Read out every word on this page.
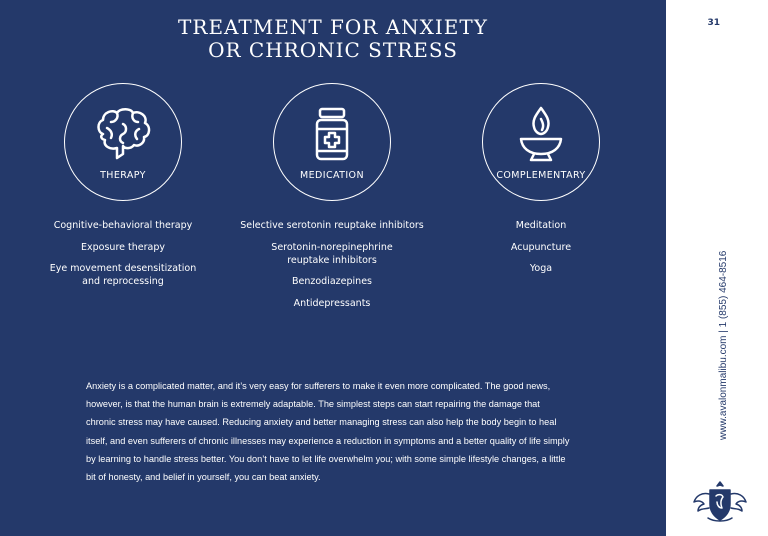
TREATMENT FOR ANXIETY
OR CHRONIC STRESS
THERAPY	MEDICATION	COMPLEMENTARY
Cognitive-behavioral therapy
Exposure therapy
Eye movement desensitization and reprocessing
Selective serotonin reuptake inhibitors
Serotonin-norepinephrine reuptake inhibitors
Benzodiazepines
Antidepressants
Meditation
Acupuncture
Yoga

Anxiety is a complicated matter, and it’s very easy for sufferers to make it even more complicated. The good news, however, is that the human brain is extremely adaptable. The simplest steps can start repairing the damage that chronic stress may have caused. Reducing anxiety and better managing stress can also help the body begin to heal itself, and even sufferers of chronic illnesses may experience a reduction in symptoms and a better quality of life simply by learning to handle stress better. You don’t have to let life overwhelm you; with some simple lifestyle changes, a little bit of honesty, and belief in yourself, you can beat anxiety.

31
www.avalonmalibu.com | 1 (855) 464-8516
